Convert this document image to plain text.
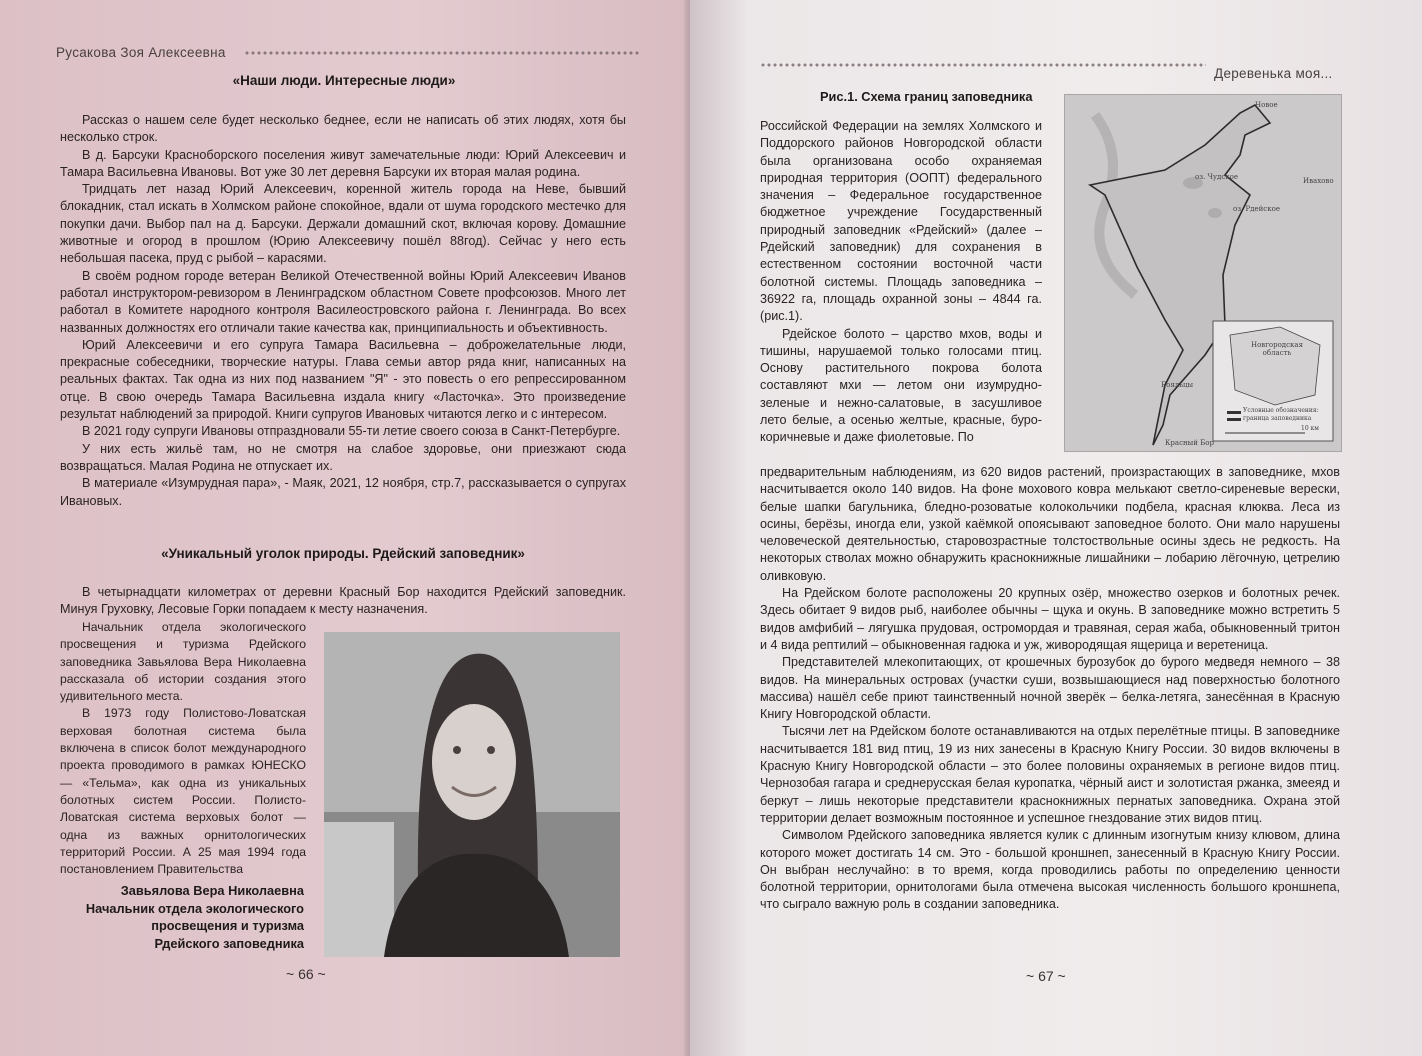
Русакова Зоя Алексеевна
«Наши люди. Интересные люди»

Рассказ о нашем селе будет несколько беднее, если не написать об этих людях, хотя бы несколько строк.

В д. Барсуки Красноборского поселения живут замечательные люди: Юрий Алексеевич и Тамара Васильевна Ивановы. Вот уже 30 лет деревня Барсуки их вторая малая родина.

Тридцать лет назад Юрий Алексеевич, коренной житель города на Неве, бывший блокадник, стал искать в Холмском районе спокойное, вдали от шума городского местечко для покупки дачи. Выбор пал на д. Барсуки. Держали домашний скот, включая корову. Домашние животные и огород в прошлом (Юрию Алексеевичу пошёл 88год). Сейчас у него есть небольшая пасека, пруд с рыбой – карасями.

В своём родном городе ветеран Великой Отечественной войны Юрий Алексеевич Иванов работал инструктором-ревизором в Ленинградском областном Совете профсоюзов. Много лет работал в Комитете народного контроля Василеостровского района г. Ленинграда. Во всех названных должностях его отличали такие качества как, принципиальность и объективность.

Юрий Алексеевичи и его супруга Тамара Васильевна – доброжелательные люди, прекрасные собеседники, творческие натуры. Глава семьи автор ряда книг, написанных на реальных фактах. Так одна из них под названием "Я" - это повесть о его репрессированном отце. В свою очередь Тамара Васильевна издала книгу «Ласточка». Это произведение результат наблюдений за природой. Книги супругов Ивановых читаются легко и с интересом.

В 2021 году супруги Ивановы отпраздновали 55-ти летие своего союза в Санкт-Петербурге.

У них есть жильё там, но не смотря на слабое здоровье, они приезжают сюда возвращаться. Малая Родина не отпускает их.

В материале «Изумрудная пара», - Маяк, 2021, 12 ноября, стр.7, рассказывается о супругах Ивановых.

«Уникальный уголок природы. Рдейский заповедник»

В четырнадцати километрах от деревни Красный Бор находится Рдейский заповедник. Минуя Груховку, Лесовые Горки попадаем к месту назначения.

Начальник отдела экологического просвещения и туризма Рдейского заповедника Завьялова Вера Николаевна рассказала об истории создания этого удивительного места.

В 1973 году Полистово-Ловатская верховая болотная система была включена в список болот международного проекта проводимого в рамках ЮНЕСКО — «Тельма», как одна из уникальных болотных систем России. Полисто-Ловатская система верховых болот — одна из важных орнитологических территорий России. А 25 мая 1994 года постановлением Правительства

Завьялова Вера Николаевна
Начальник отдела экологического
просвещения и туризма
Рдейского заповедника
~ 66 ~
Деревенька моя...
Рис.1. Схема границ заповедника

Российской Федерации на землях Холмского и Поддорского районов Новгородской области была организована особо охраняемая природная территория (ООПТ) федерального значения – Федеральное государственное бюджетное учреждение Государственный природный заповедник «Рдейский» (далее –Рдейский заповедник) для сохранения в естественном состоянии восточной части болотной системы. Площадь заповедника – 36922 га, площадь охранной зоны – 4844 га. (рис.1).

Рдейское болото – царство мхов, воды и тишины, нарушаемой только голосами птиц. Основу растительного покрова болота составляют мхи — летом они изумрудно-зеленые и нежно-салатовые, в засушливое лето белые, а осенью желтые, красные, буро-коричневые и даже фиолетовые. По

Новое
Ивахово
оз. Чудское
оз. Рдейское
Новгородская область
Бояльцы
Красный Бор
Условные обозначения:
граница заповедника
10 км

предварительным наблюдениям, из 620 видов растений, произрастающих в заповеднике, мхов насчитывается около 140 видов. На фоне мохового ковра мелькают светло-сиреневые вереcки, белые шапки багульника, бледно-розоватые колокольчики подбела, красная клюква. Леса из осины, берёзы, иногда ели, узкой каёмкой опоясывают заповедное болото. Они мало нарушены человеческой деятельностью, старовозрастные толстоствольные осины здесь не редкость. На некоторых стволах можно обнаружить краснокнижные лишайники – лобарию лёгочную, цетрелию оливковую.

На Рдейском болоте расположены 20 крупных озёр, множество озерков и болотных речек. Здесь обитает 9 видов рыб, наиболее обычны – щука и окунь. В заповеднике можно встретить 5 видов амфибий – лягушка прудовая, остромордая и травяная, серая жаба, обыкновенный тритон и 4 вида рептилий – обыкновенная гадюка и уж, живородящая ящерица и веретеница.

Представителей млекопитающих, от крошечных бурозубок до бурого медведя немного – 38 видов. На минеральных островах (участки суши, возвышающиеся над поверхностью болотного массива) нашёл себе приют таинственный ночной зверёк – белка-летяга, занесённая в Красную Книгу Новгородской области.

Тысячи лет на Рдейском болоте останавливаются на отдых перелётные птицы. В заповеднике насчитывается 181 вид птиц, 19 из них занесены в Красную Книгу России. 30 видов включены в Красную Книгу Новгородской области – это более половины охраняемых в регионе видов птиц. Чернозобая гагара и среднерусская белая куропатка, чёрный аист и золотистая ржанка, змееяд и беркут – лишь некоторые представители краснокнижных пернатых заповедника. Охрана этой территории делает возможным постоянное и успешное гнездование этих видов птиц.

Символом Рдейского заповедника является кулик с длинным изогнутым книзу клювом, длина которого может достигать 14 см. Это - большой кроншнеп, занесенный в Красную Книгу России. Он выбран неслучайно: в то время, когда проводились работы по определению ценности болотной территории, орнитологами была отмечена высокая численность большого кроншнепа, что сыграло важную роль в создании заповедника.

~ 67 ~
